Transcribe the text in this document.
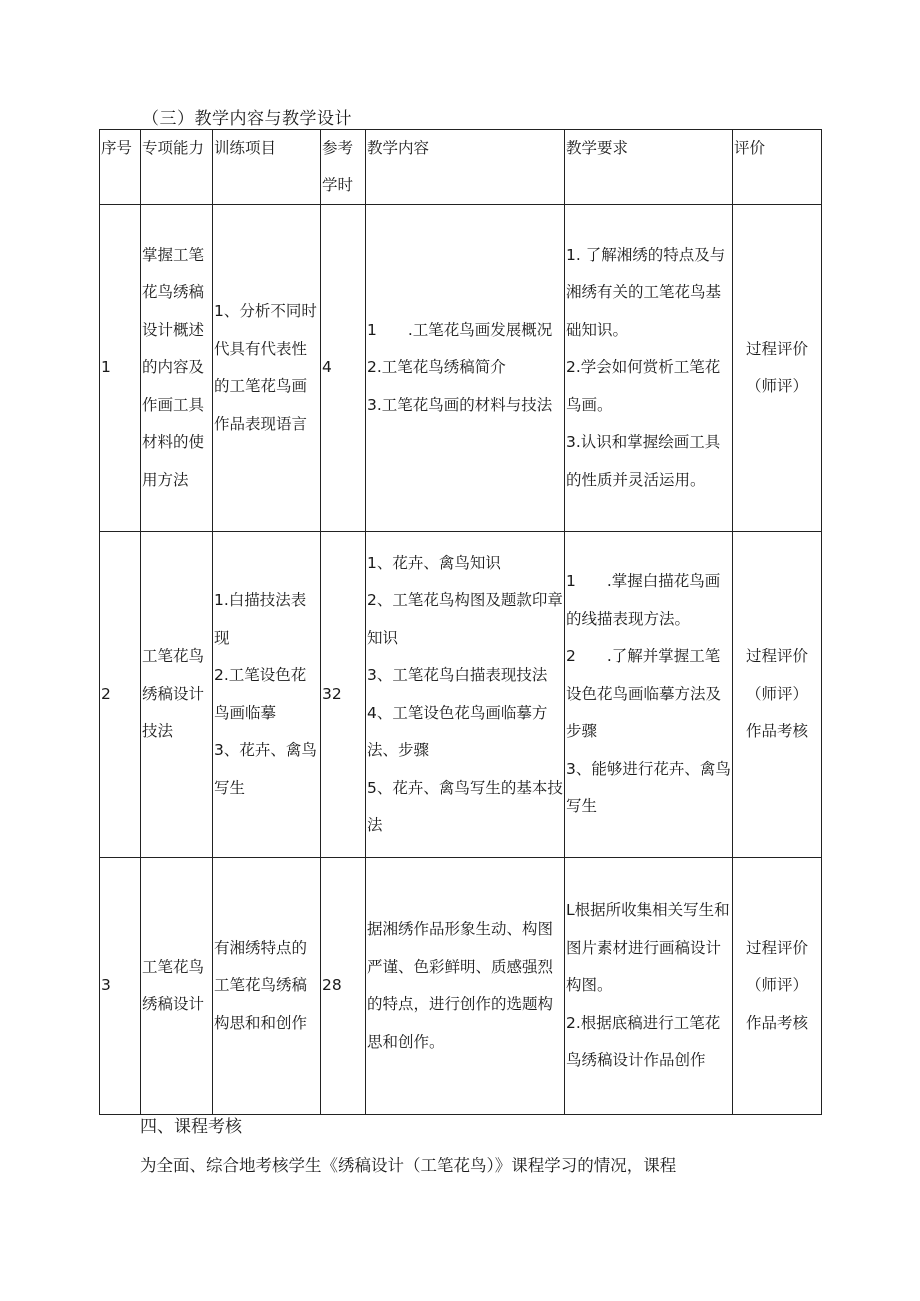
（三）教学内容与教学设计
序号	专项能力	训练项目	参考学时	教学内容	教学要求	评价
1	掌握工笔花鸟绣稿设计概述的内容及作画工具材料的使用方法	1、分析不同时代具有代表性的工笔花鸟画作品表现语言	4	1　　.工笔花鸟画发展概况
2.工笔花鸟绣稿简介
3.工笔花鸟画的材料与技法	1. 了解湘绣的特点及与湘绣有关的工笔花鸟基础知识。
2.学会如何赏析工笔花鸟画。
3.认识和掌握绘画工具的性质并灵活运用。	过程评价
（师评）

2	工笔花鸟绣稿设计技法	1.白描技法表现
2.工笔设色花鸟画临摹
3、花卉、禽鸟写生	32	1、花卉、禽鸟知识
2、工笔花鸟构图及题款印章知识
3、工笔花鸟白描表现技法
4、工笔设色花鸟画临摹方法、步骤
5、花卉、禽鸟写生的基本技法	1　　.掌握白描花鸟画的线描表现方法。
2　　.了解并掌握工笔设色花鸟画临摹方法及步骤
3、能够进行花卉、禽鸟写生	过程评价
（师评）
作品考核

3	工笔花鸟绣稿设计	有湘绣特点的工笔花鸟绣稿构思和和创作	28	据湘绣作品形象生动、构图严谨、色彩鲜明、质感强烈的特点，进行创作的选题构思和创作。	L根据所收集相关写生和图片素材进行画稿设计构图。
2.根据底稿进行工笔花鸟绣稿设计作品创作	过程评价
（师评）
作品考核
四、课程考核
为全面、综合地考核学生《绣稿设计（工笔花鸟）》课程学习的情况，课程
